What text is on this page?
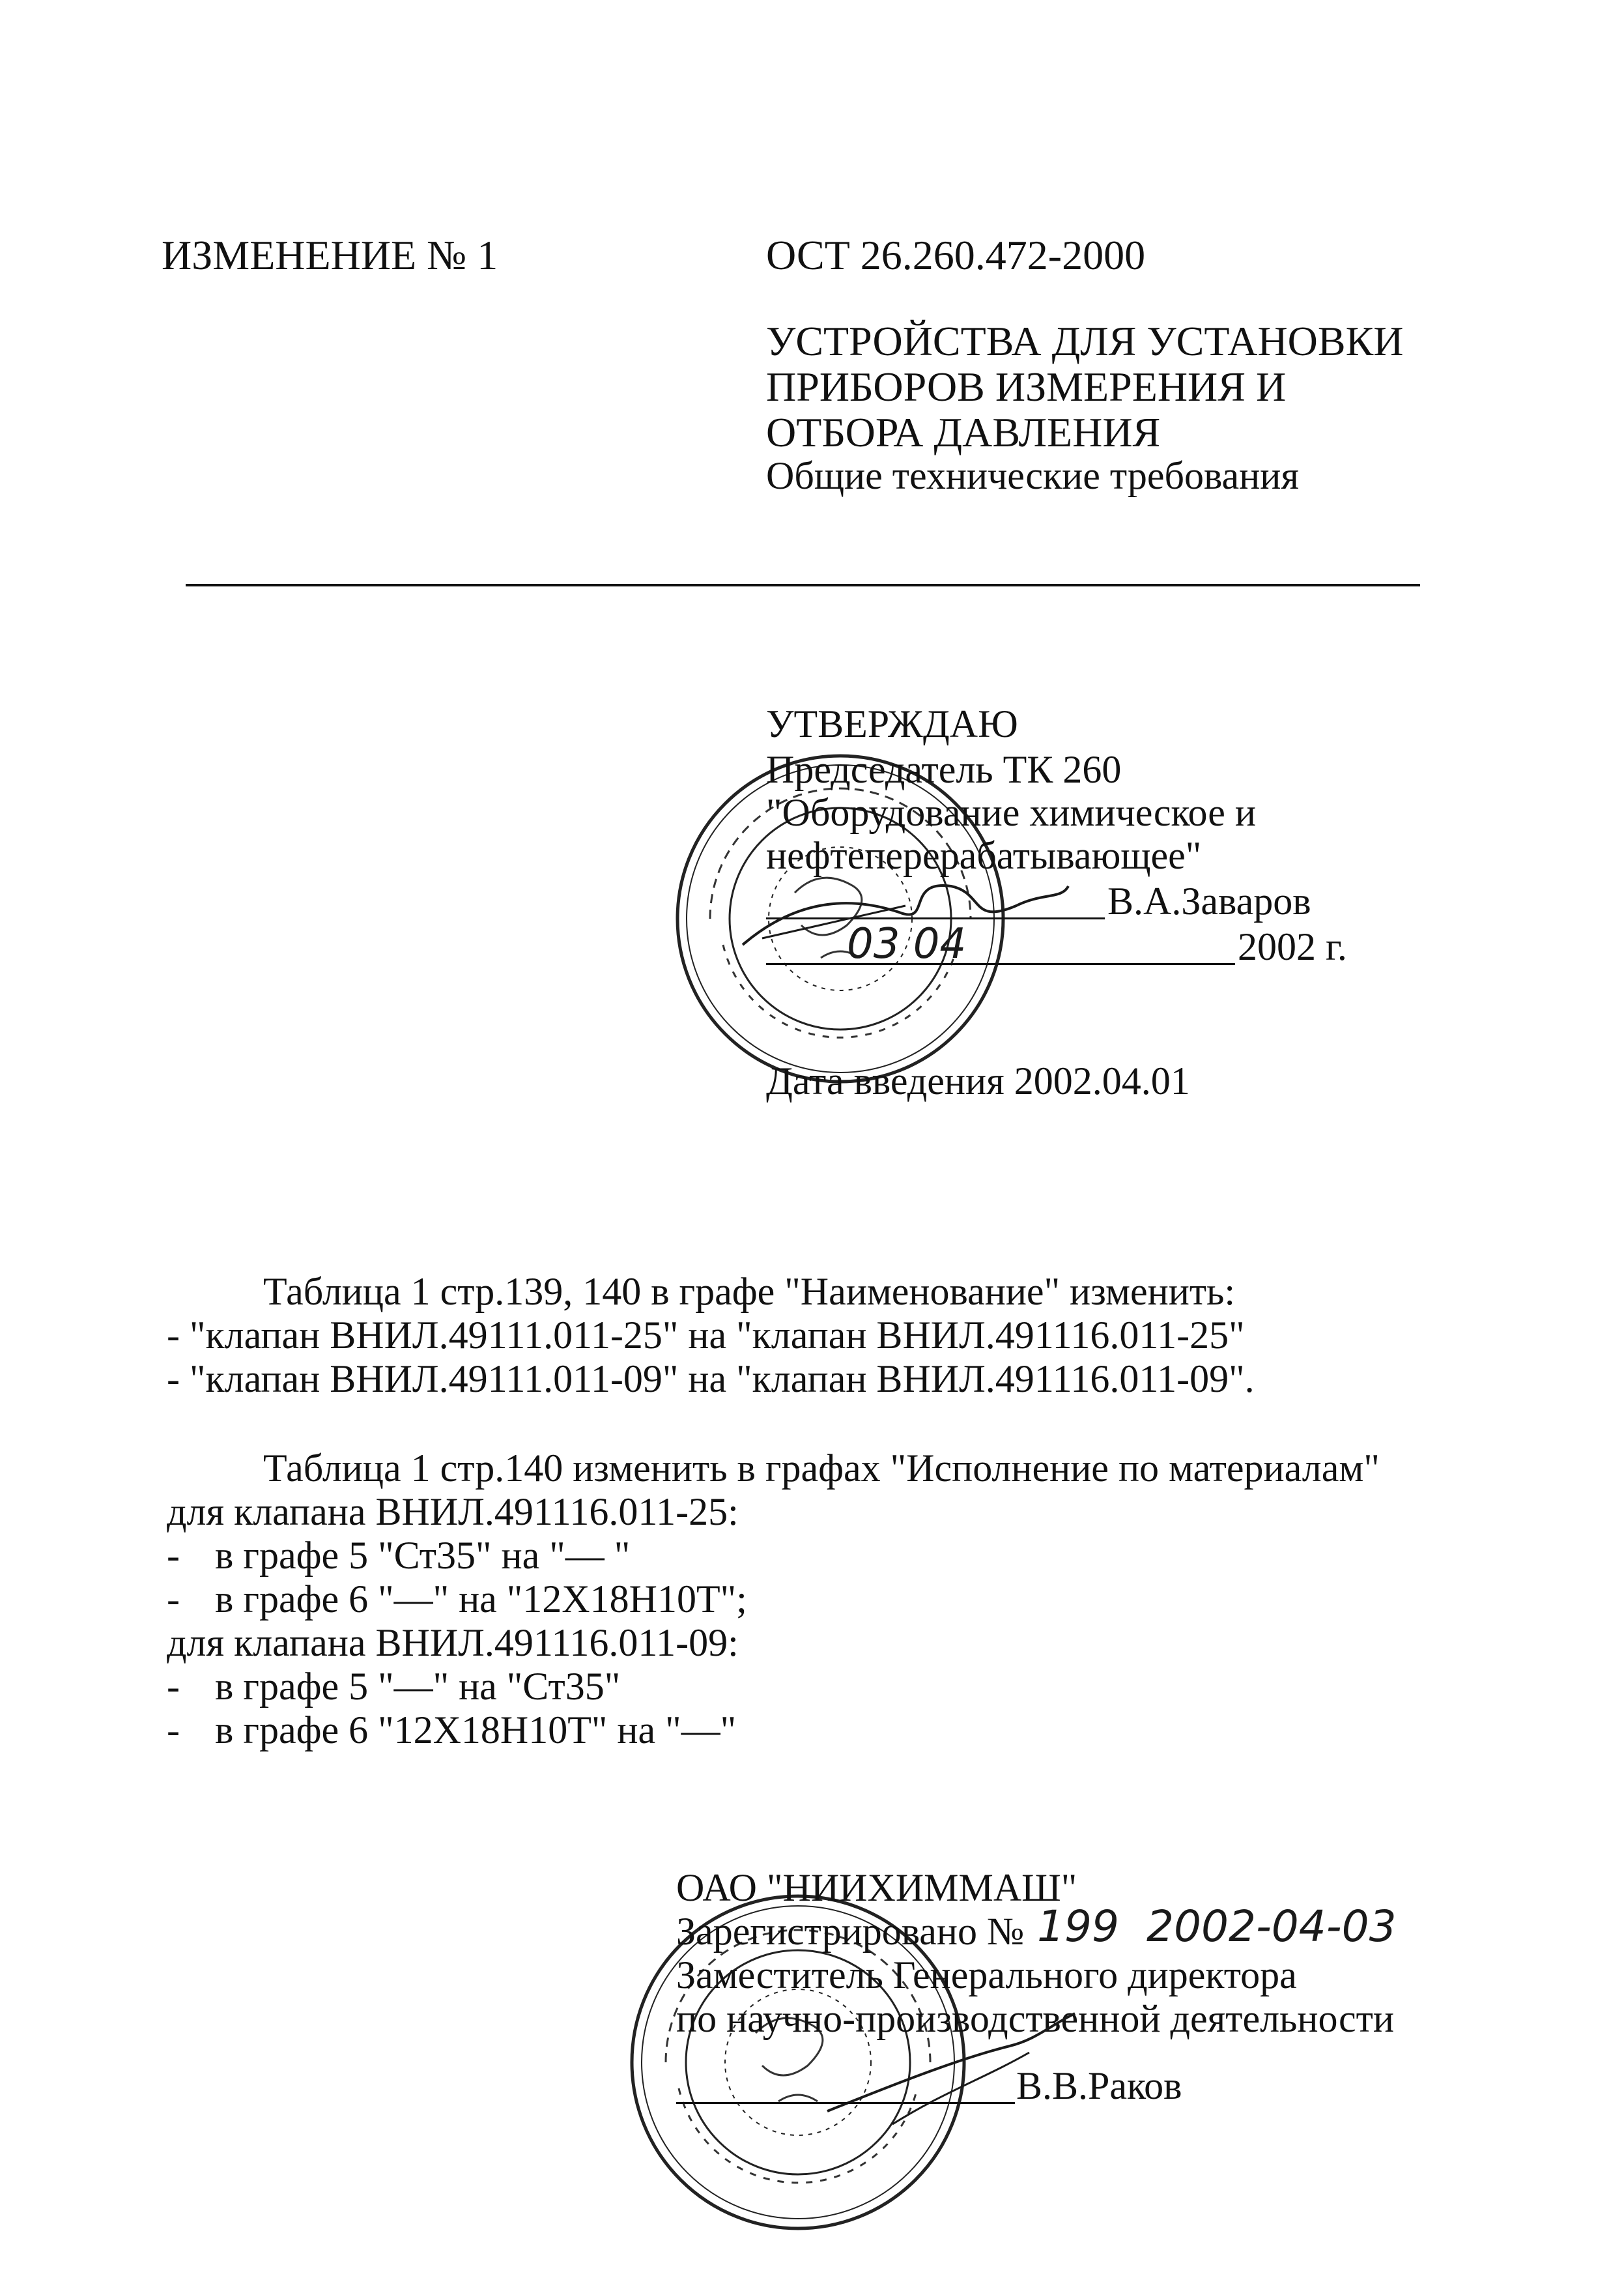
ИЗМЕНЕНИЕ № 1	ОСТ 26.260.472-2000
УСТРОЙСТВА ДЛЯ УСТАНОВКИ
ПРИБОРОВ ИЗМЕРЕНИЯ И
ОТБОРА ДАВЛЕНИЯ
Общие технические требования
УТВЕРЖДАЮ
Председатель ТК 260
"Оборудование химическое и
нефтеперерабатывающее"
В.А.Заваров
03 04	2002 г.
Дата введения 2002.04.01
Таблица 1 стр.139, 140 в графе "Наименование" изменить:
- "клапан ВНИЛ.49111.011-25" на "клапан ВНИЛ.491116.011-25"
- "клапан ВНИЛ.49111.011-09" на "клапан ВНИЛ.491116.011-09".
Таблица 1 стр.140 изменить в графах "Исполнение по материалам"
для клапана ВНИЛ.491116.011-25:
- в графе 5 "Ст35" на "— "
- в графе 6 "—" на "12Х18Н10Т";
для клапана ВНИЛ.491116.011-09:
- в графе 5 "—" на "Ст35"
- в графе 6 "12Х18Н10Т" на "—"
ОАО "НИИХИММАШ"
Зарегистрировано № 199 2002-04-03
Заместитель Генерального директора
по научно-производственной деятельности
В.В.Раков
